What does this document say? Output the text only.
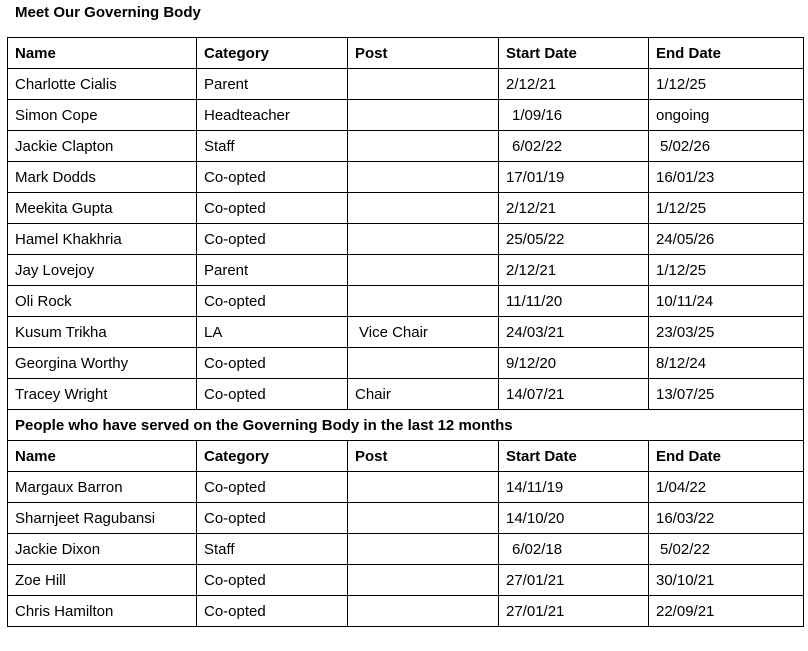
Meet Our Governing Body
Name	Category	Post	Start Date	End Date
Charlotte Cialis	Parent		2/12/21	1/12/25
Simon Cope	Headteacher		1/09/16	ongoing
Jackie Clapton	Staff		6/02/22	5/02/26
Mark Dodds	Co-opted		17/01/19	16/01/23
Meekita Gupta	Co-opted		2/12/21	1/12/25
Hamel Khakhria	Co-opted		25/05/22	24/05/26
Jay Lovejoy	Parent		2/12/21	1/12/25
Oli Rock	Co-opted		11/11/20	10/11/24
Kusum Trikha	LA	Vice Chair	24/03/21	23/03/25
Georgina Worthy	Co-opted		9/12/20	8/12/24
Tracey Wright	Co-opted	Chair	14/07/21	13/07/25
People who have served on the Governing Body in the last 12 months				
Name	Category	Post	Start Date	End Date
Margaux Barron	Co-opted		14/11/19	1/04/22
Sharnjeet Ragubansi	Co-opted		14/10/20	16/03/22
Jackie Dixon	Staff		6/02/18	5/02/22
Zoe Hill	Co-opted		27/01/21	30/10/21
Chris Hamilton	Co-opted		27/01/21	22/09/21
